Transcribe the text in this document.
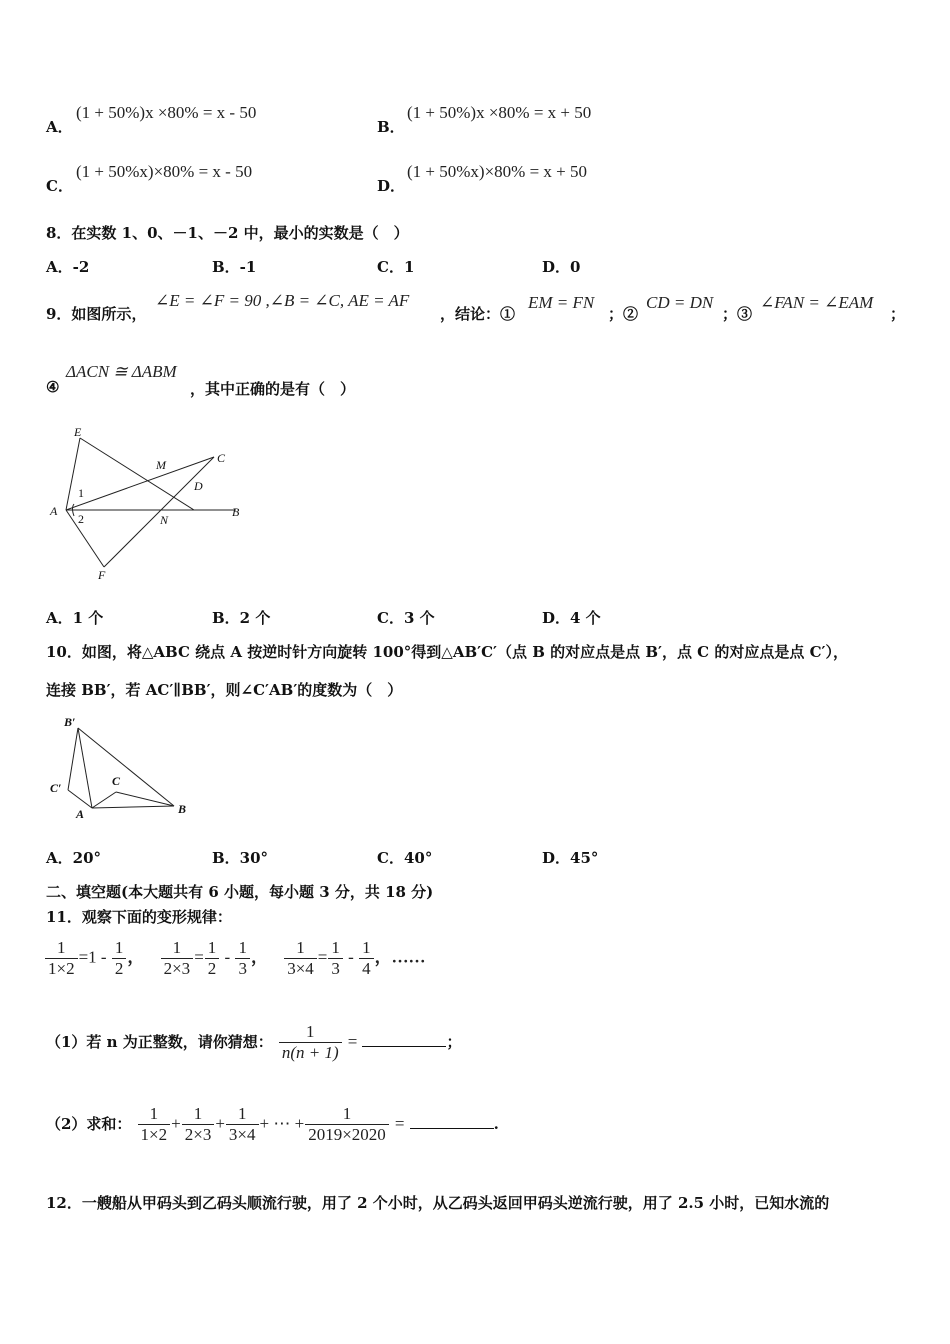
A．
(1 + 50%)x ×80% = x - 50
B．
(1 + 50%)x ×80% = x + 50
C．
(1 + 50%x)×80% = x - 50
D．
(1 + 50%x)×80% = x + 50
8．在实数 1、0、－1、－2 中，最小的实数是（　）
A．-2	B．-1	C．1	D．0
9．如图所示，
∠E = ∠F = 90 ,∠B = ∠C, AE = AF
，结论：①
EM = FN
；②
CD = DN
；③
∠FAN = ∠EAM
；
④
ΔACN ≅ ΔABM
，其中正确的是有（　）
E
C
M
D
A
1
2	N
B
F
A．1 个	B．2 个	C．3 个	D．4 个
10．如图，将△ABC 绕点 A 按逆时针方向旋转 100°得到△AB′C′（点 B 的对应点是点 B′，点 C 的对应点是点 C′），
连接 BB′，若 AC′∥BB′，则∠C′AB′的度数为（　）
B′
C′	C
A	B
A．20°	B．30°	C．40°	D．45°
二、填空题(本大题共有 6 小题，每小题 3 分，共 18 分)
11．观察下面的变形规律：
$\frac{1}{1\times 2} =1 - \frac{1}{2}$ ， $\frac{1}{2\times 3} = \frac{1}{2} - \frac{1}{3}$ ， $\frac{1}{3\times 4} = \frac{1}{3} - \frac{1}{4}$ ，……
（1）若 n 为正整数，请你猜想： $\frac{1}{n(n + 1)}$ =	；
（2）求和： $\frac{1}{1\times 2} + \frac{1}{2\times 3} + \frac{1}{3\times 4}$ + ⋯ + $\frac{1}{2019\times 2020}$ =	.
12．一艘船从甲码头到乙码头顺流行驶，用了 2 个小时，从乙码头返回甲码头逆流行驶，用了 2.5 小时，已知水流的
